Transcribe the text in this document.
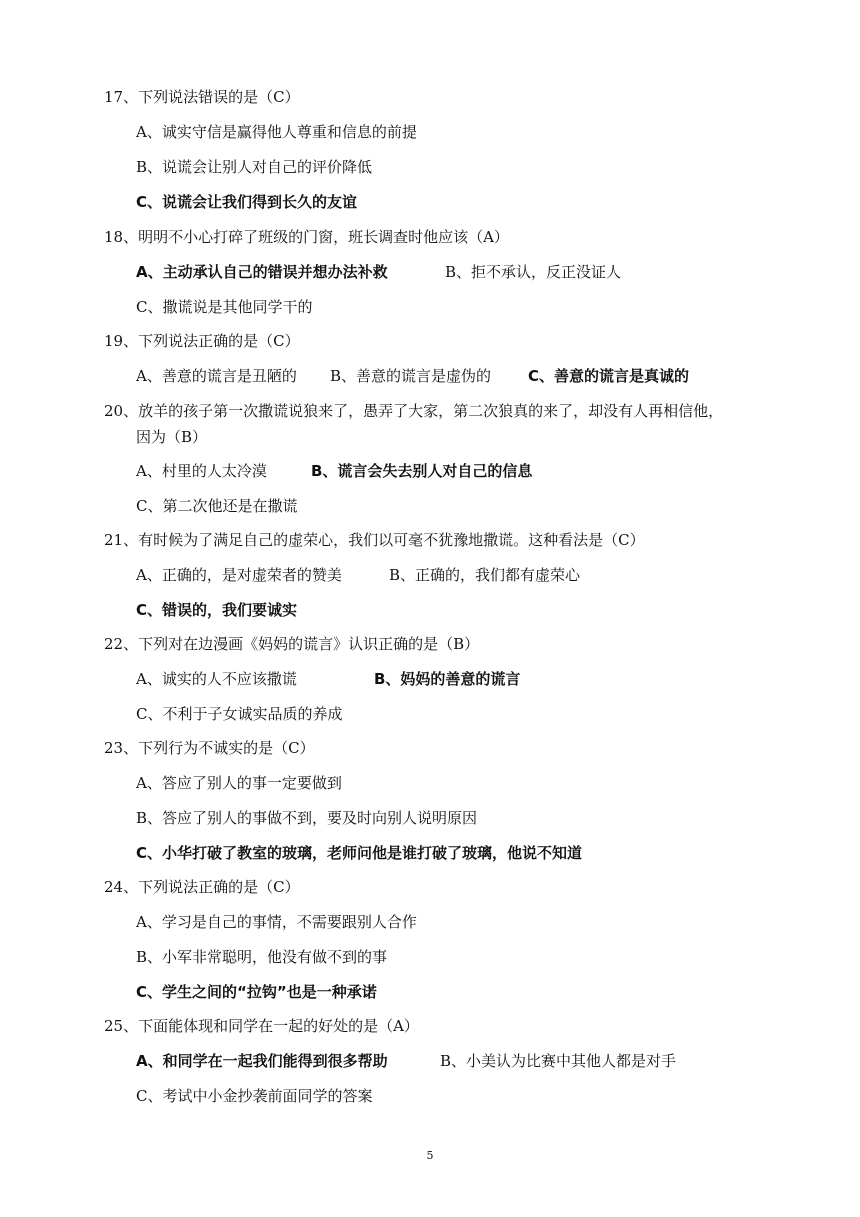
17、下列说法错误的是（C）
A、诚实守信是赢得他人尊重和信息的前提
B、说谎会让别人对自己的评价降低
C、说谎会让我们得到长久的友谊
18、明明不小心打碎了班级的门窗，班长调查时他应该（A）
A、主动承认自己的错误并想办法补救	B、拒不承认，反正没证人
C、撒谎说是其他同学干的
19、下列说法正确的是（C）
A、善意的谎言是丑陋的 B、善意的谎言是虚伪的 C、善意的谎言是真诚的
20、放羊的孩子第一次撒谎说狼来了，愚弄了大家，第二次狼真的来了，却没有人再相信他，
因为（B）
A、村里的人太冷漠	B、谎言会失去别人对自己的信息
C、第二次他还是在撒谎
21、有时候为了满足自己的虚荣心，我们以可毫不犹豫地撒谎。这种看法是（C）
A、正确的，是对虚荣者的赞美	B、正确的，我们都有虚荣心
C、错误的，我们要诚实
22、下列对在边漫画《妈妈的谎言》认识正确的是（B）
A、诚实的人不应该撒谎	B、妈妈的善意的谎言
C、不利于子女诚实品质的养成
23、下列行为不诚实的是（C）
A、答应了别人的事一定要做到
B、答应了别人的事做不到，要及时向别人说明原因
C、小华打破了教室的玻璃，老师问他是谁打破了玻璃，他说不知道
24、下列说法正确的是（C）
A、学习是自己的事情，不需要跟别人合作
B、小军非常聪明，他没有做不到的事
C、学生之间的“拉钩”也是一种承诺
25、下面能体现和同学在一起的好处的是（A）
A、和同学在一起我们能得到很多帮助	B、小美认为比赛中其他人都是对手
C、考试中小金抄袭前面同学的答案
5
